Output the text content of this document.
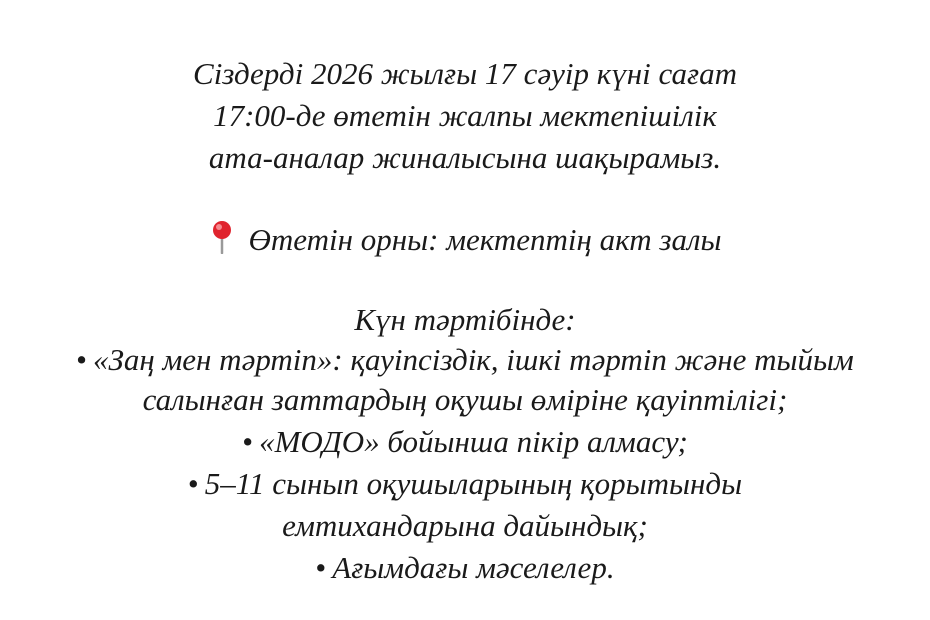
Сіздерді 2026 жылғы 17 сәуір күні сағат
17:00-де өтетін жалпы мектепішілік
ата-аналар жиналысына шақырамыз.
Өтетін орны: мектептің акт залы
Күн тәртібінде:
• «Заң мен тәртіп»: қауіпсіздік, ішкі тәртіп және тыйым
салынған заттардың оқушы өміріне қауіптілігі;
• «МОДО» бойынша пікір алмасу;
• 5–11 сынып оқушыларының қорытынды
емтихандарына дайындық;
• Ағымдағы мәселелер.
